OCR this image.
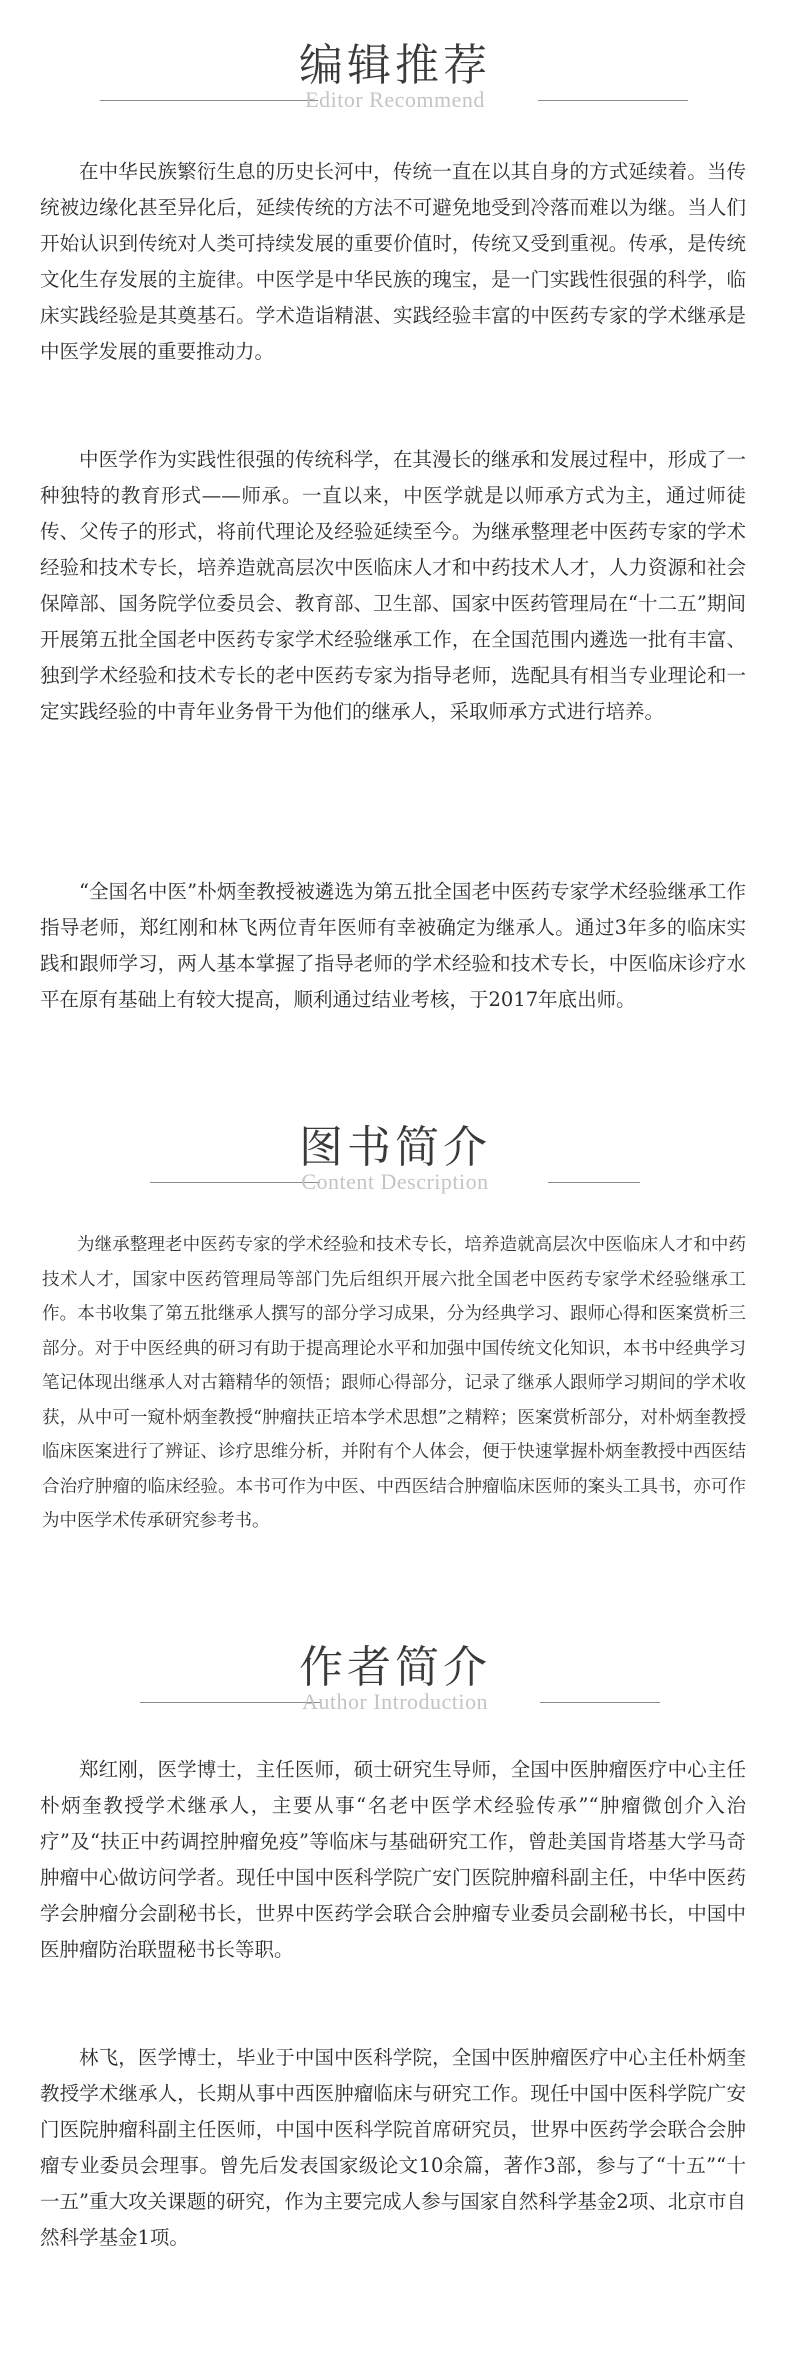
编辑推荐
Editor Recommend

在中华民族繁衍生息的历史长河中，传统一直在以其自身的方式延续着。当传统被边缘化甚至异化后，延续传统的方法不可避免地受到冷落而难以为继。当人们开始认识到传统对人类可持续发展的重要价值时，传统又受到重视。传承，是传统文化生存发展的主旋律。中医学是中华民族的瑰宝，是一门实践性很强的科学，临床实践经验是其奠基石。学术造诣精湛、实践经验丰富的中医药专家的学术继承是中医学发展的重要推动力。

中医学作为实践性很强的传统科学，在其漫长的继承和发展过程中，形成了一种独特的教育形式——师承。一直以来，中医学就是以师承方式为主，通过师徒传、父传子的形式，将前代理论及经验延续至今。为继承整理老中医药专家的学术经验和技术专长，培养造就高层次中医临床人才和中药技术人才，人力资源和社会保障部、国务院学位委员会、教育部、卫生部、国家中医药管理局在“十二五”期间开展第五批全国老中医药专家学术经验继承工作，在全国范围内遴选一批有丰富、独到学术经验和技术专长的老中医药专家为指导老师，选配具有相当专业理论和一定实践经验的中青年业务骨干为他们的继承人，采取师承方式进行培养。

“全国名中医”朴炳奎教授被遴选为第五批全国老中医药专家学术经验继承工作指导老师，郑红刚和林飞两位青年医师有幸被确定为继承人。通过3年多的临床实践和跟师学习，两人基本掌握了指导老师的学术经验和技术专长，中医临床诊疗水平在原有基础上有较大提高，顺利通过结业考核，于2017年底出师。

图书简介
Content Description

为继承整理老中医药专家的学术经验和技术专长，培养造就高层次中医临床人才和中药技术人才，国家中医药管理局等部门先后组织开展六批全国老中医药专家学术经验继承工作。本书收集了第五批继承人撰写的部分学习成果，分为经典学习、跟师心得和医案赏析三部分。对于中医经典的研习有助于提高理论水平和加强中国传统文化知识，本书中经典学习笔记体现出继承人对古籍精华的领悟；跟师心得部分，记录了继承人跟师学习期间的学术收获，从中可一窥朴炳奎教授“肿瘤扶正培本学术思想”之精粹；医案赏析部分，对朴炳奎教授临床医案进行了辨证、诊疗思维分析，并附有个人体会，便于快速掌握朴炳奎教授中西医结合治疗肿瘤的临床经验。本书可作为中医、中西医结合肿瘤临床医师的案头工具书，亦可作为中医学术传承研究参考书。

作者简介
Author Introduction

郑红刚，医学博士，主任医师，硕士研究生导师，全国中医肿瘤医疗中心主任朴炳奎教授学术继承人，主要从事“名老中医学术经验传承”“肿瘤微创介入治疗”及“扶正中药调控肿瘤免疫”等临床与基础研究工作，曾赴美国肯塔基大学马奇肿瘤中心做访问学者。现任中国中医科学院广安门医院肿瘤科副主任，中华中医药学会肿瘤分会副秘书长，世界中医药学会联合会肿瘤专业委员会副秘书长，中国中医肿瘤防治联盟秘书长等职。

林飞，医学博士，毕业于中国中医科学院，全国中医肿瘤医疗中心主任朴炳奎教授学术继承人，长期从事中西医肿瘤临床与研究工作。现任中国中医科学院广安门医院肿瘤科副主任医师，中国中医科学院首席研究员，世界中医药学会联合会肿瘤专业委员会理事。曾先后发表国家级论文10余篇，著作3部，参与了“十五”“十一五”重大攻关课题的研究，作为主要完成人参与国家自然科学基金2项、北京市自然科学基金1项。
